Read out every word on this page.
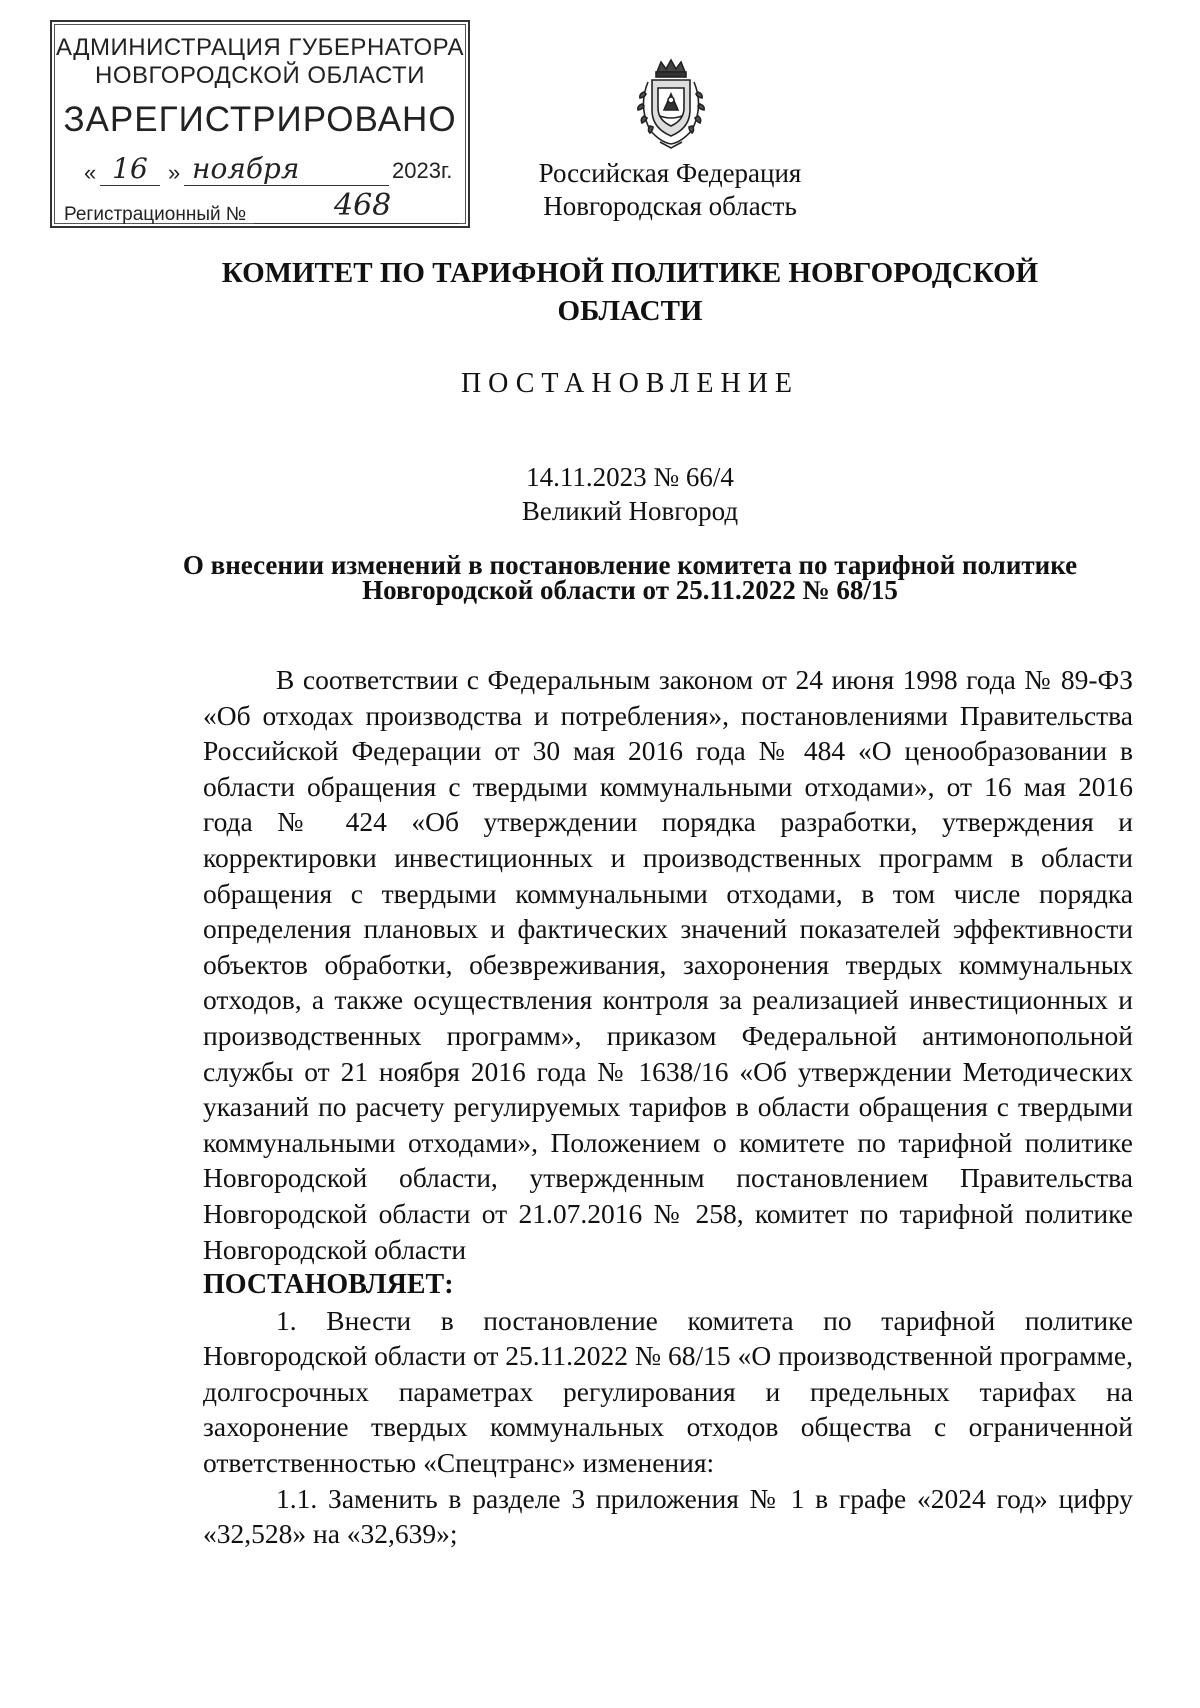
АДМИНИСТРАЦИЯ ГУБЕРНАТОРА
НОВГОРОДСКОЙ ОБЛАСТИ
ЗАРЕГИСТРИРОВАНО
« 16 » ноября	2023г.
Регистрационный №	468
Российская Федерация
Новгородская область
КОМИТЕТ ПО ТАРИФНОЙ ПОЛИТИКЕ НОВГОРОДСКОЙ ОБЛАСТИ
ПОСТАНОВЛЕНИЕ
14.11.2023 № 66/4
Великий Новгород
О внесении изменений в постановление комитета по тарифной политике Новгородской области от 25.11.2022 № 68/15

В соответствии с Федеральным законом от 24 июня 1998 года № 89-ФЗ «Об отходах производства и потребления», постановлениями Правительства Российской Федерации от 30 мая 2016 года № 484 «О ценообразовании в области обращения с твердыми коммунальными отходами», от 16 мая 2016 года № 424 «Об утверждении порядка разработки, утверждения и корректировки инвестиционных и производственных программ в области обращения с твердыми коммунальными отходами, в том числе порядка определения плановых и фактических значений показателей эффективности объектов обработки, обезвреживания, захоронения твердых коммунальных отходов, а также осуществления контроля за реализацией инвестиционных и производственных программ», приказом Федеральной антимонопольной службы от 21 ноября 2016 года № 1638/16 «Об утверждении Методических указаний по расчету регулируемых тарифов в области обращения с твердыми коммунальными отходами», Положением о комитете по тарифной политике Новгородской области, утвержденным постановлением Правительства Новгородской области от 21.07.2016 № 258, комитет по тарифной политике Новгородской области

ПОСТАНОВЛЯЕТ:

1. Внести в постановление комитета по тарифной политике Новгородской области от 25.11.2022 № 68/15 «О производственной программе, долгосрочных параметрах регулирования и предельных тарифах на захоронение твердых коммунальных отходов общества с ограниченной ответственностью «Спецтранс» изменения:

1.1. Заменить в разделе 3 приложения № 1 в графе «2024 год» цифру «32,528» на «32,639»;
